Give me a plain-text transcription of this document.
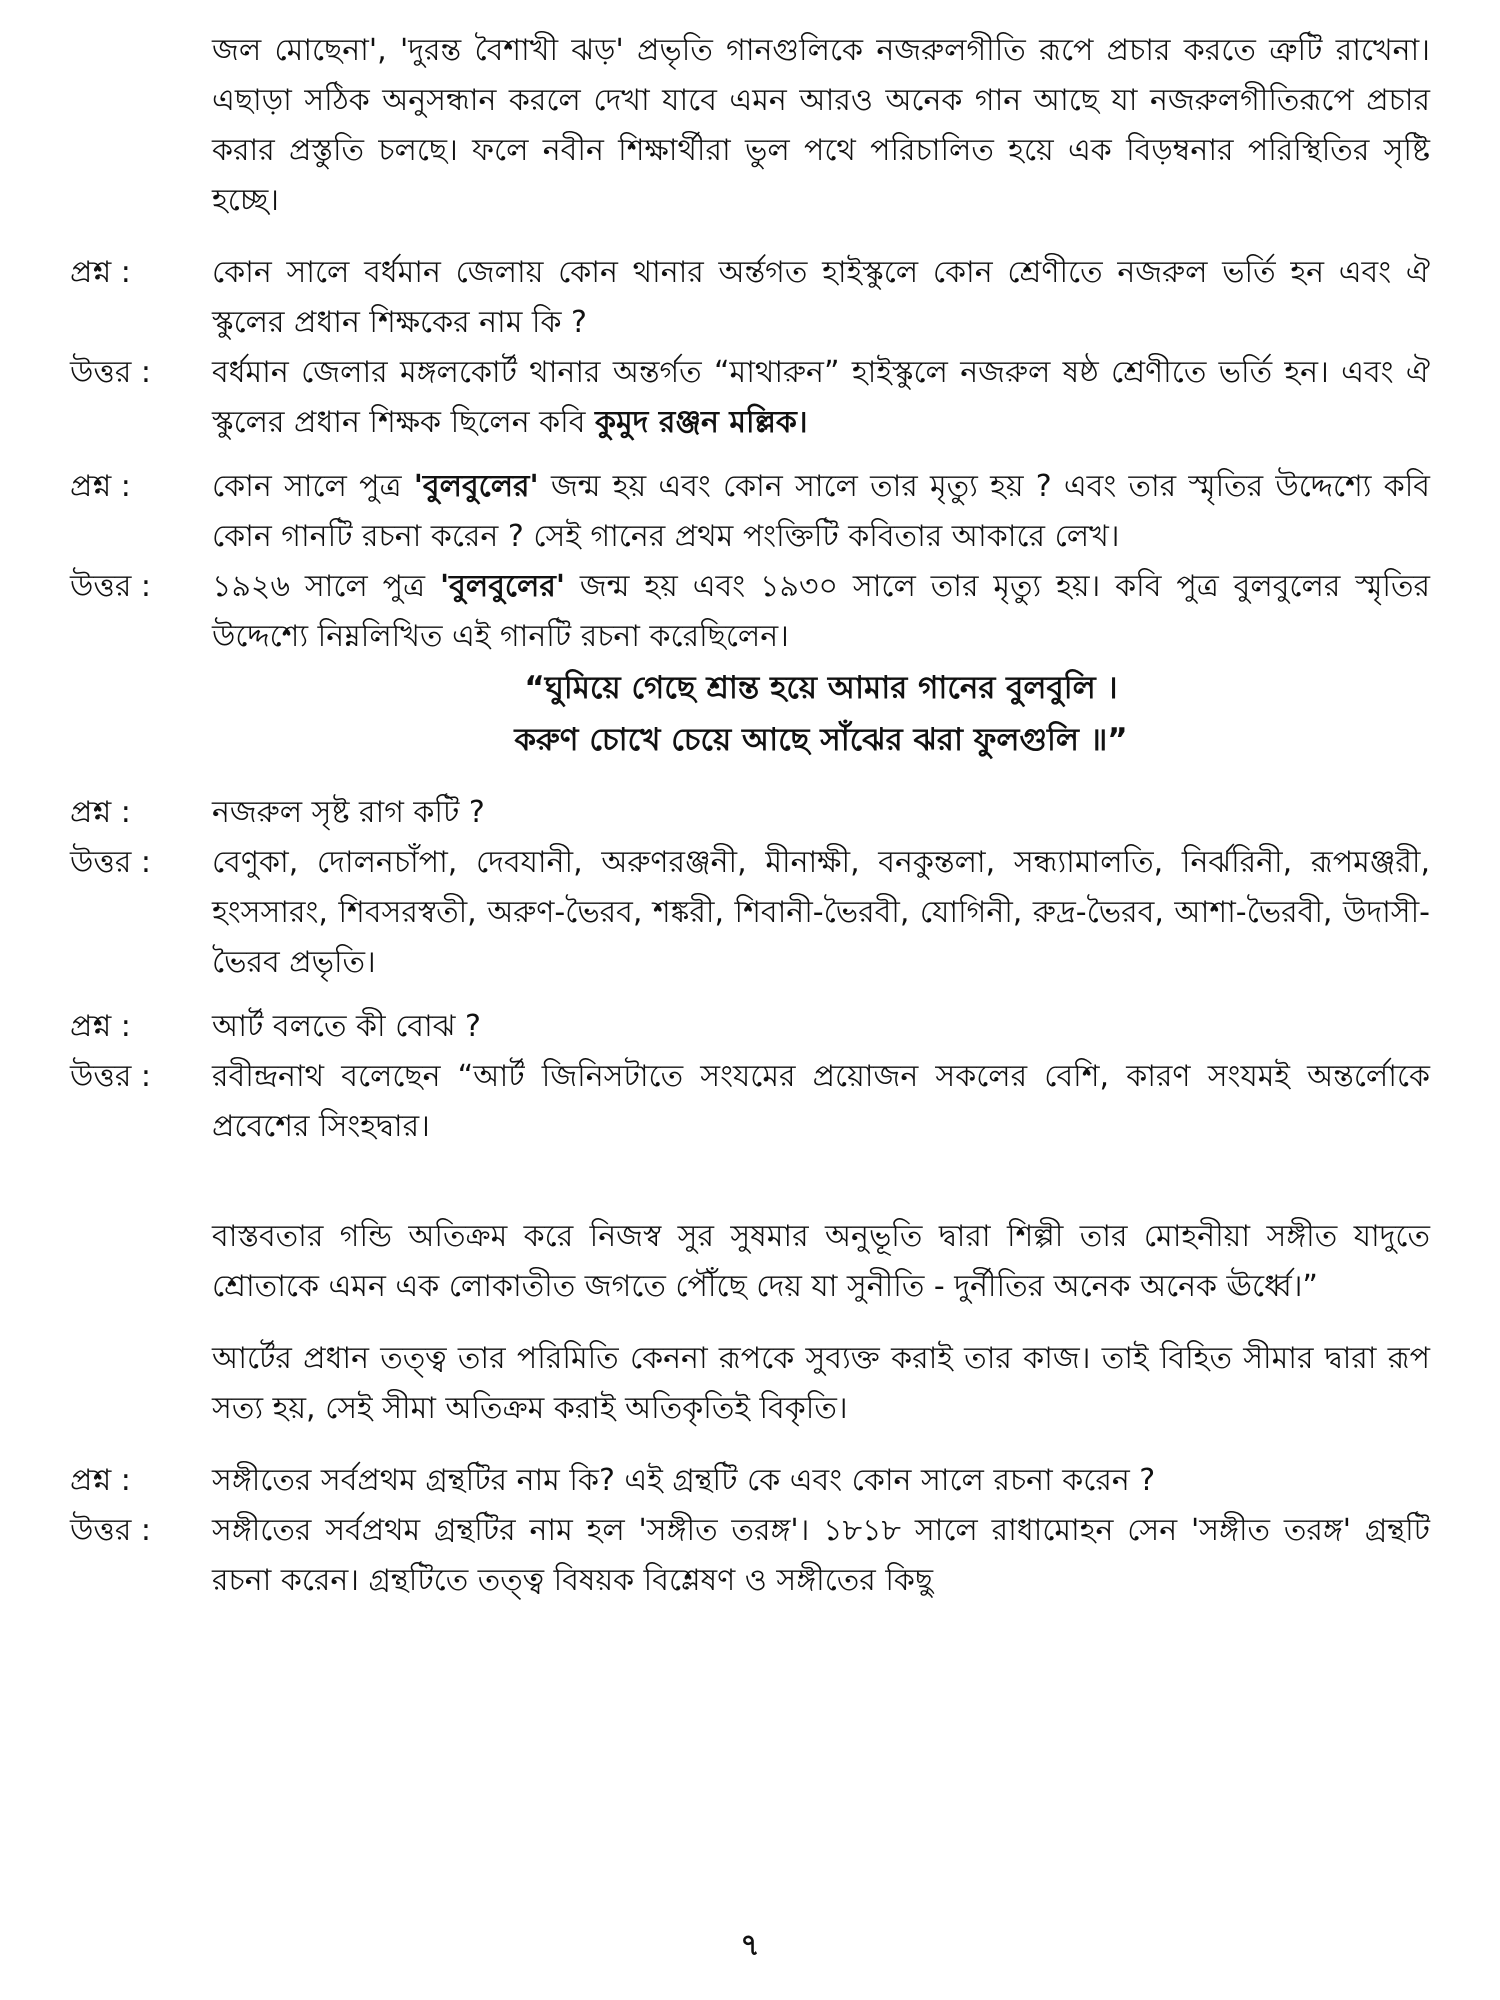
জল মোছেনা', 'দুরন্ত বৈশাখী ঝড়' প্রভৃতি গানগুলিকে নজরুলগীতি রূপে প্রচার করতে ত্রুটি রাখেনা। এছাড়া সঠিক অনুসন্ধান করলে দেখা যাবে এমন আরও অনেক গান আছে যা নজরুলগীতিরূপে প্রচার করার প্রস্তুতি চলছে। ফলে নবীন শিক্ষার্থীরা ভুল পথে পরিচালিত হয়ে এক বিড়ম্বনার পরিস্থিতির সৃষ্টি হচ্ছে।

প্রশ্ন :	কোন সালে বর্ধমান জেলায় কোন থানার অর্ন্তগত হাইস্কুলে কোন শ্রেণীতে নজরুল ভর্তি হন এবং ঐ স্কুলের প্রধান শিক্ষকের নাম কি ?
উত্তর :	বর্ধমান জেলার মঙ্গলকোর্ট থানার অন্তর্গত “মাথারুন” হাইস্কুলে নজরুল ষষ্ঠ শ্রেণীতে ভর্তি হন। এবং ঐ স্কুলের প্রধান শিক্ষক ছিলেন কবি কুমুদ রঞ্জন মল্লিক।
প্রশ্ন :	কোন সালে পুত্র 'বুলবুলের' জন্ম হয় এবং কোন সালে তার মৃত্যু হয় ? এবং তার স্মৃতির উদ্দেশ্যে কবি কোন গানটি রচনা করেন ? সেই গানের প্রথম পংক্তিটি কবিতার আকারে লেখ।
উত্তর :	১৯২৬ সালে পুত্র 'বুলবুলের' জন্ম হয় এবং ১৯৩০ সালে তার মৃত্যু হয়। কবি পুত্র বুলবুলের স্মৃতির উদ্দেশ্যে নিম্নলিখিত এই গানটি রচনা করেছিলেন।
“ঘুমিয়ে গেছে শ্রান্ত হয়ে আমার গানের বুলবুলি ।
করুণ চোখে চেয়ে আছে সাঁঝের ঝরা ফুলগুলি ॥”
প্রশ্ন :	নজরুল সৃষ্ট রাগ কটি ?
উত্তর :	বেণুকা, দোলনচাঁপা, দেবযানী, অরুণরঞ্জনী, মীনাক্ষী, বনকুন্তলা, সন্ধ্যামালতি, নির্ঝরিনী, রূপমঞ্জরী, হংসসারং, শিবসরস্বতী, অরুণ-ভৈরব, শঙ্করী, শিবানী-ভৈরবী, যোগিনী, রুদ্র-ভৈরব, আশা-ভৈরবী, উদাসী-ভৈরব প্রভৃতি।
প্রশ্ন :	আর্ট বলতে কী বোঝ ?
উত্তর :	রবীন্দ্রনাথ বলেছেন “আর্ট জিনিসটাতে সংযমের প্রয়োজন সকলের বেশি, কারণ সংযমই অন্তর্লোকে প্রবেশের সিংহদ্বার।

বাস্তবতার গন্ডি অতিক্রম করে নিজস্ব সুর সুষমার অনুভূতি দ্বারা শিল্পী তার মোহনীয়া সঙ্গীত যাদুতে শ্রোতাকে এমন এক লোকাতীত জগতে পৌঁছে দেয় যা সুনীতি - দুর্নীতির অনেক অনেক ঊর্ধ্বে।”

আর্টের প্রধান তত্ত্ব তার পরিমিতি কেননা রূপকে সুব্যক্ত করাই তার কাজ। তাই বিহিত সীমার দ্বারা রূপ সত্য হয়, সেই সীমা অতিক্রম করাই অতিকৃতিই বিকৃতি।

প্রশ্ন :	সঙ্গীতের সর্বপ্রথম গ্রন্থটির নাম কি? এই গ্রন্থটি কে এবং কোন সালে রচনা করেন ?
উত্তর :	সঙ্গীতের সর্বপ্রথম গ্রন্থটির নাম হল 'সঙ্গীত তরঙ্গ'। ১৮১৮ সালে রাধামোহন সেন 'সঙ্গীত তরঙ্গ' গ্রন্থটি রচনা করেন। গ্রন্থটিতে তত্ত্ব বিষয়ক বিশ্লেষণ ও সঙ্গীতের কিছু
৭
